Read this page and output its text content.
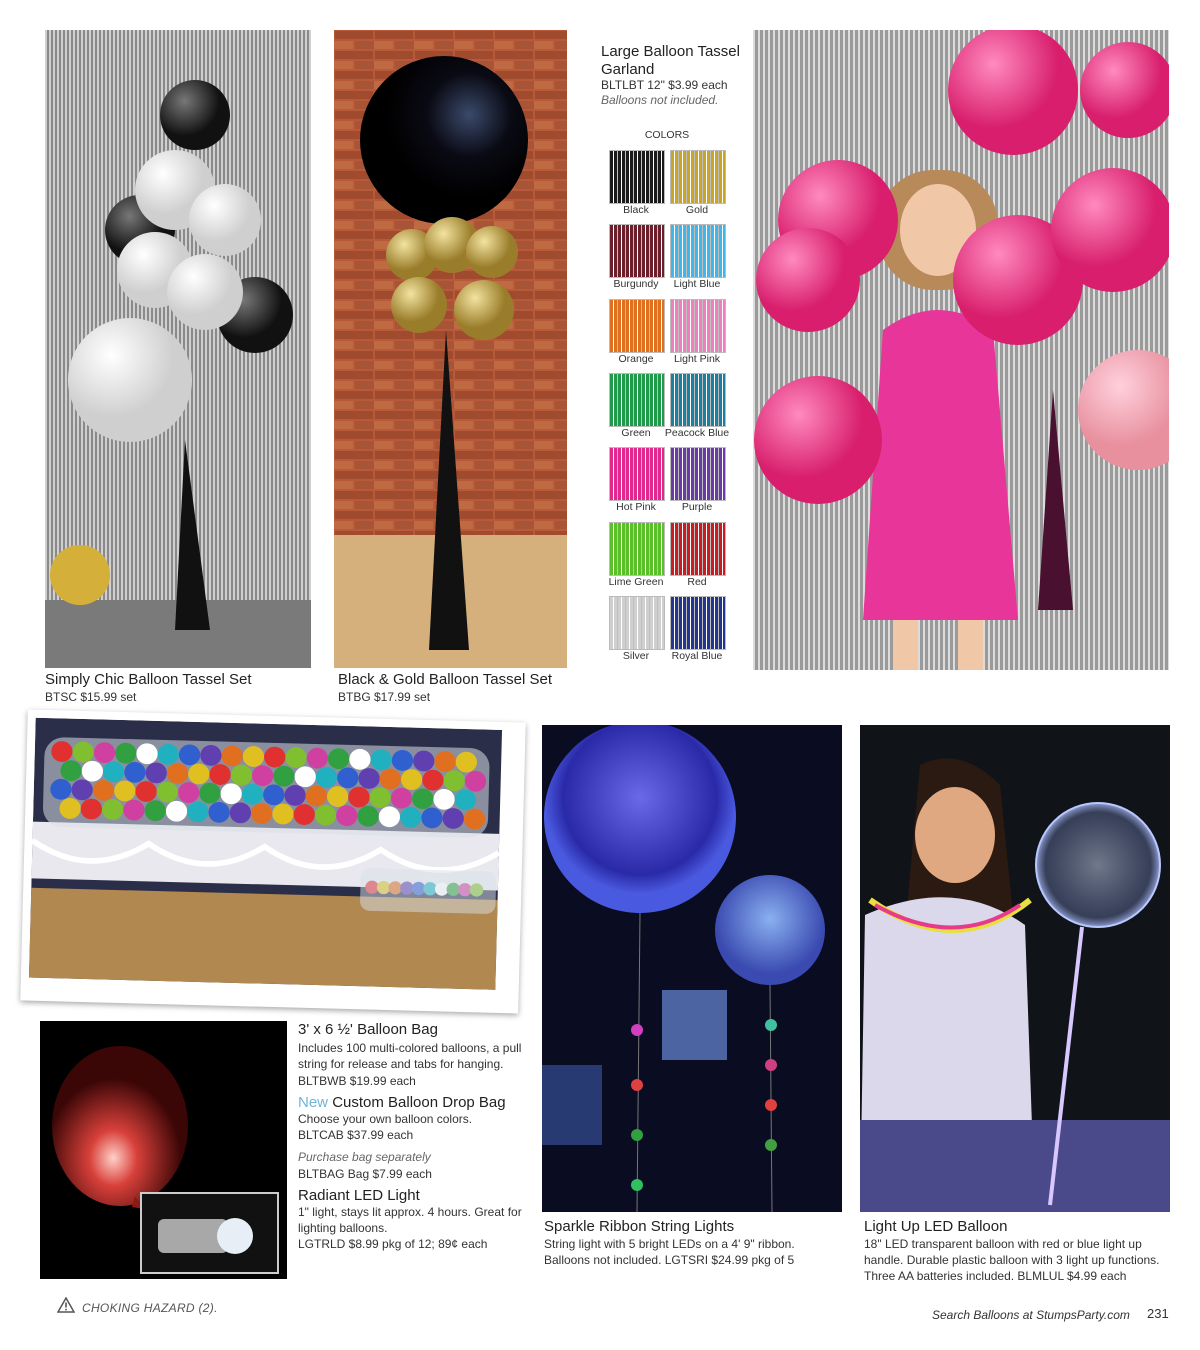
Simply Chic Balloon Tassel Set
BTSC $15.99 set
Black & Gold Balloon Tassel Set
BTBG $17.99 set
Large Balloon Tassel
Garland
BLTLBT 12" $3.99 each
Balloons not included.
COLORS
Black	Gold
Burgundy	Light Blue
Orange	Light Pink
Green	Peacock Blue
Hot Pink	Purple
Lime Green	Red
Silver	Royal Blue
3' x 6 ½' Balloon Bag
Includes 100 multi-colored balloons, a pull string for release and tabs for hanging.
BLTBWB $19.99 each
New Custom Balloon Drop Bag
Choose your own balloon colors.
BLTCAB $37.99 each
Purchase bag separately
BLTBAG Bag $7.99 each
Radiant LED Light
1" light, stays lit approx. 4 hours. Great for lighting balloons.
LGTRLD $8.99 pkg of 12; 89¢ each
Sparkle Ribbon String Lights
String light with 5 bright LEDs on a 4' 9" ribbon. Balloons not included. LGTSRI $24.99 pkg of 5
Light Up LED Balloon
18" LED transparent balloon with red or blue light up handle. Durable plastic balloon with 3 light up functions. Three AA batteries included. BLMLUL $4.99 each
CHOKING HAZARD (2).	Search Balloons at StumpsParty.com 231
